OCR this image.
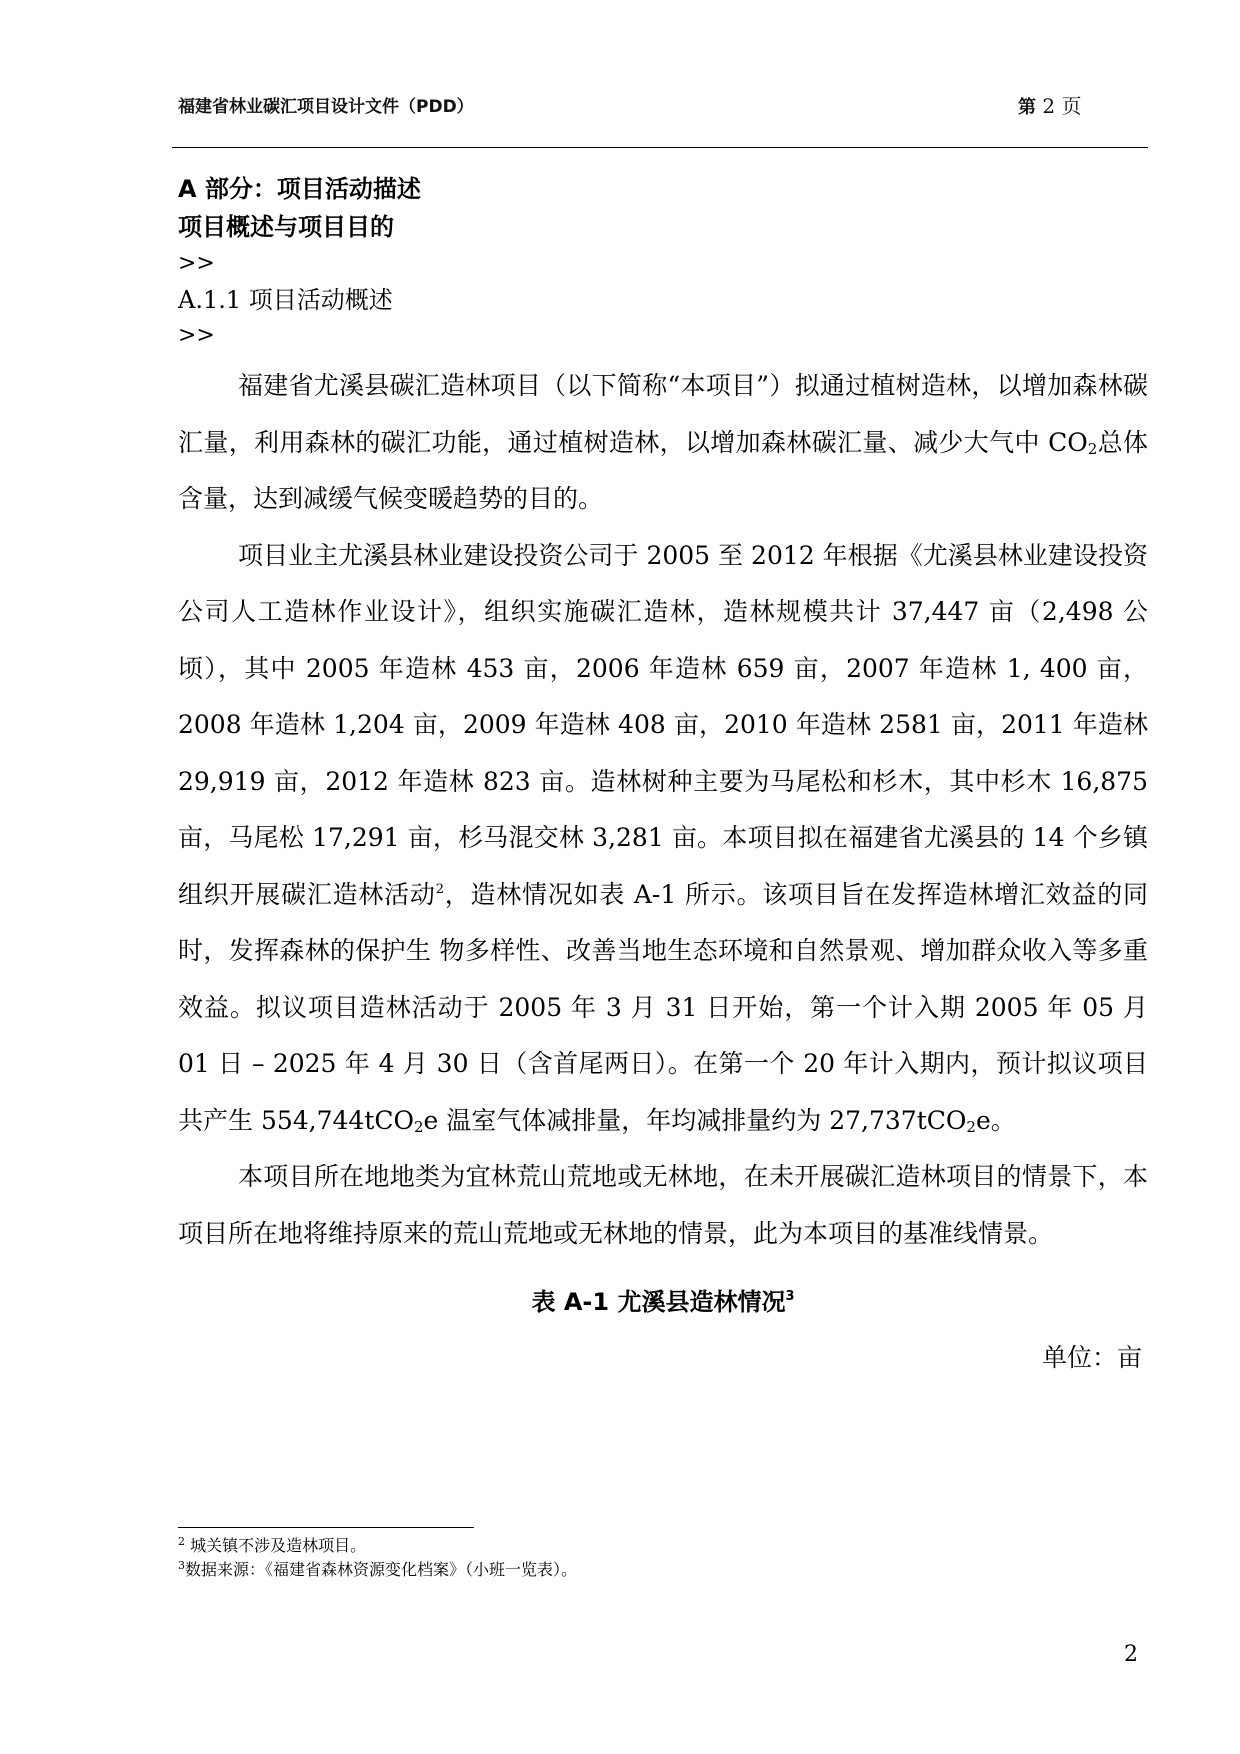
福建省林业碳汇项目设计文件（PDD）	第 2 页

A 部分：项目活动描述

项目概述与项目目的

>>

A.1.1 项目活动概述

>>

福建省尤溪县碳汇造林项目（以下简称“本项目”）拟通过植树造林，以增加森林碳汇量，利用森林的碳汇功能，通过植树造林，以增加森林碳汇量、减少大气中 $CO_2$总体含量，达到减缓气候变暖趋势的目的。

项目业主尤溪县林业建设投资公司于 2005 至 2012 年根据《尤溪县林业建设投资公司人工造林作业设计》，组织实施碳汇造林，造林规模共计 37,447 亩（2,498 公顷），其中 2005 年造林 453 亩，2006 年造林 659 亩，2007 年造林 1, 400 亩，2008 年造林 1,204 亩，2009 年造林 408 亩，2010 年造林 2581 亩，2011 年造林 29,919 亩，2012 年造林 823 亩。造林树种主要为马尾松和杉木，其中杉木 16,875 亩，马尾松 17,291 亩，杉马混交林 3,281 亩。本项目拟在福建省尤溪县的 14 个乡镇组织开展碳汇造林活动$^2$，造林情况如表 A-1 所示。该项目旨在发挥造林增汇效益的同时，发挥森林的保护生 物多样性、改善当地生态环境和自然景观、增加群众收入等多重效益。拟议项目造林活动于 2005 年 3 月 31 日开始，第一个计入期 2005 年 05 月 01 日 – 2025 年 4 月 30 日（含首尾两日）。在第一个 20 年计入期内，预计拟议项目共产生 554,744tCO$_2$e 温室气体减排量，年均减排量约为 27,737tCO$_2$e。

本项目所在地地类为宜林荒山荒地或无林地，在未开展碳汇造林项目的情景下，本项目所在地将维持原来的荒山荒地或无林地的情景，此为本项目的基准线情景。

表 A-1 尤溪县造林情况$^3$
单位：亩

$^2$ 城关镇不涉及造林项目。

$^3$数据来源：《福建省森林资源变化档案》（小班一览表）。

2
